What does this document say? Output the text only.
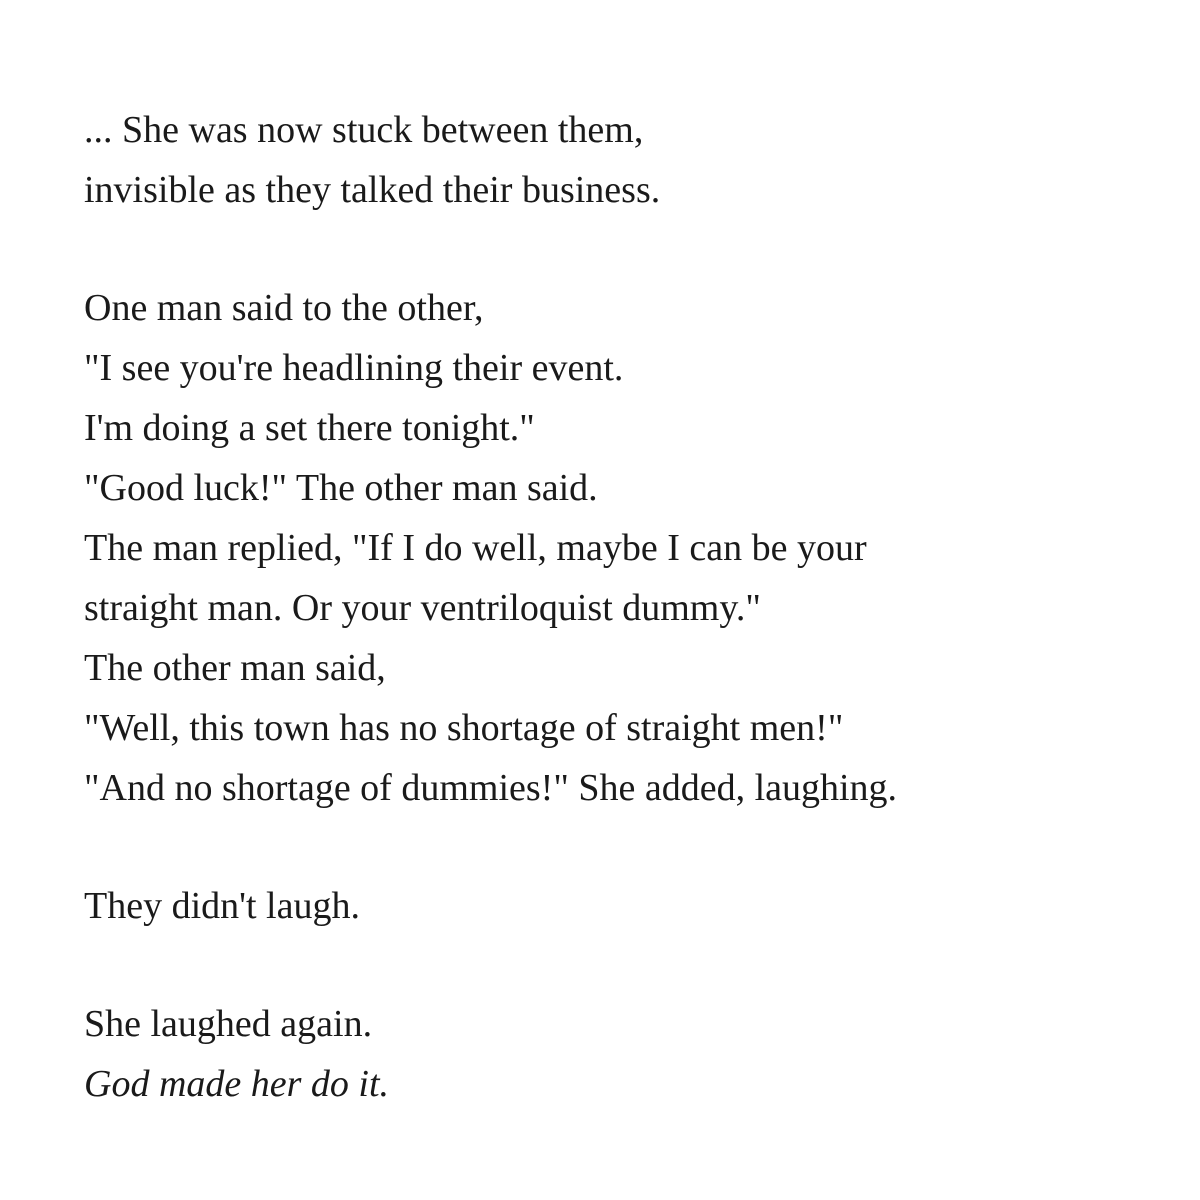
... She was now stuck between them,
invisible as they talked their business.
One man said to the other,
"I see you're headlining their event.
I'm doing a set there tonight."
"Good luck!" The other man said.
The man replied, "If I do well, maybe I can be your
straight man. Or your ventriloquist dummy."
The other man said,
"Well, this town has no shortage of straight men!"
"And no shortage of dummies!" She added, laughing.
They didn't laugh.
She laughed again.
God made her do it.
